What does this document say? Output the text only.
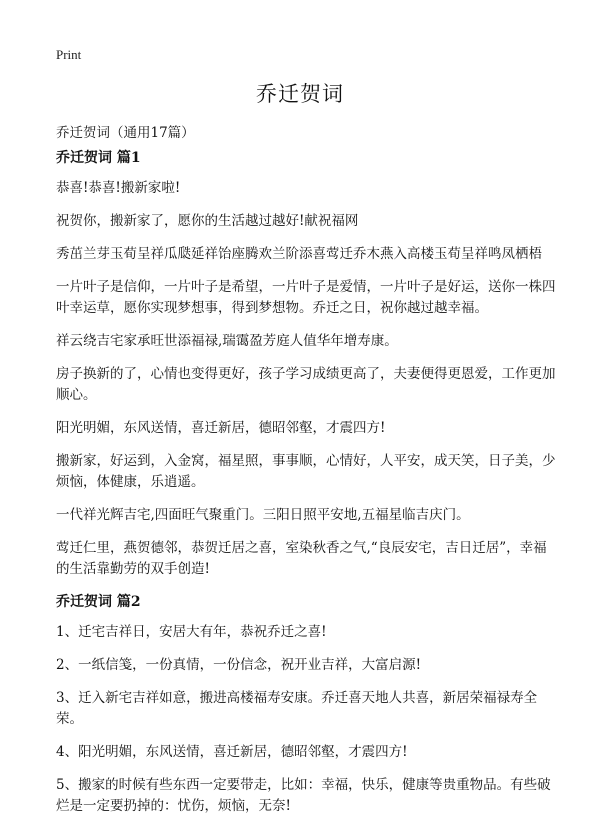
Print
乔迁贺词

乔迁贺词（通用17篇）

乔迁贺词 篇1

恭喜!恭喜!搬新家啦!

祝贺你，搬新家了，愿你的生活越过越好!献祝福网

秀茁兰芽玉荀呈祥瓜瓞延祥饴座腾欢兰阶添喜莺迁乔木燕入高楼玉荀呈祥鸣凤栖梧

一片叶子是信仰，一片叶子是希望，一片叶子是爱情，一片叶子是好运，送你一株四叶幸运草，愿你实现梦想事，得到梦想物。乔迁之日，祝你越过越幸福。

祥云绕吉宅家承旺世添福禄,瑞霭盈芳庭人值华年增寿康。

房子换新的了，心情也变得更好，孩子学习成绩更高了，夫妻便得更恩爱，工作更加顺心。

阳光明媚，东风送情，喜迁新居，德昭邻壑，才震四方!

搬新家，好运到，入金窝，福星照，事事顺，心情好，人平安，成天笑，日子美，少烦恼，体健康，乐逍遥。

一代祥光辉吉宅,四面旺气聚重门。三阳日照平安地,五福星临吉庆门。

莺迁仁里，燕贺德邻，恭贺迁居之喜，室染秋香之气,“良辰安宅，吉日迁居”，幸福的生活靠勤劳的双手创造!

乔迁贺词 篇2

1、迁宅吉祥日，安居大有年，恭祝乔迁之喜!

2、一纸信笺，一份真情，一份信念，祝开业吉祥，大富启源!

3、迁入新宅吉祥如意，搬进高楼福寿安康。乔迁喜天地人共喜，新居荣福禄寿全荣。

4、阳光明媚，东风送情，喜迁新居，德昭邻壑，才震四方!

5、搬家的时候有些东西一定要带走，比如：幸福，快乐，健康等贵重物品。有些破烂是一定要扔掉的：忧伤，烦恼，无奈!
